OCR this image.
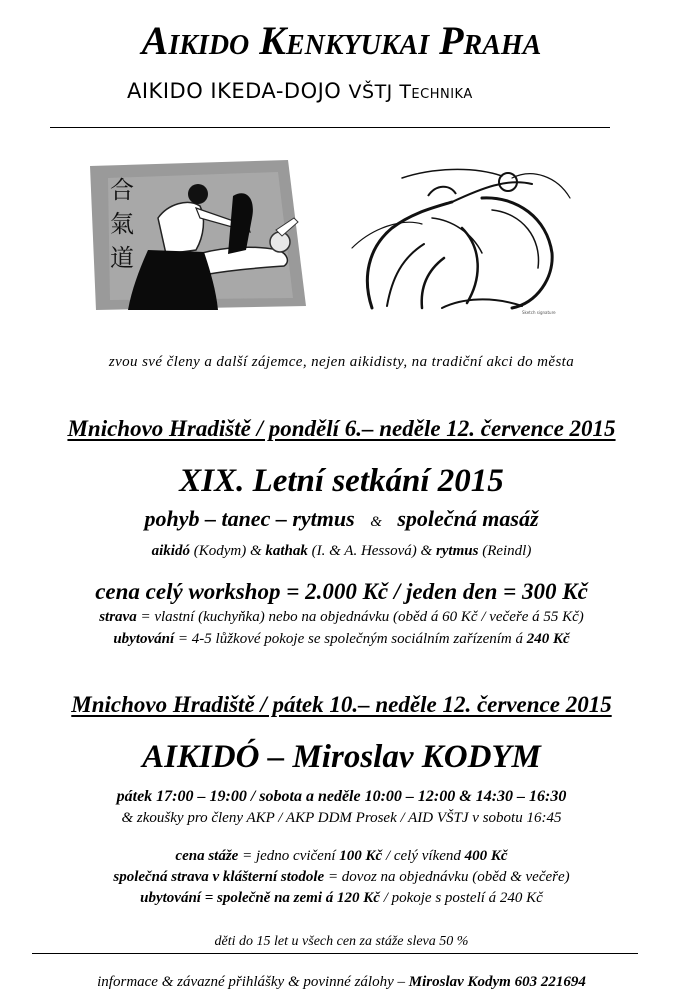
Aikido Kenkyukai Praha
AIKIDO IKEDA-DOJO VŠTJ Technika
合
氣
道
Sketch signature
zvou své členy a další zájemce, nejen aikidisty, na tradiční akci do města
Mnichovo Hradiště / pondělí 6.– neděle 12. července 2015
XIX. Letní setkání 2015
pohyb – tanec – rytmus & společná masáž
aikidó (Kodym) & kathak (I. & A. Hessová) & rytmus (Reindl)
cena celý workshop = 2.000 Kč / jeden den = 300 Kč
strava = vlastní (kuchyňka) nebo na objednávku (oběd á 60 Kč / večeře á 55 Kč)
ubytování = 4-5 lůžkové pokoje se společným sociálním zařízením á 240 Kč
Mnichovo Hradiště / pátek 10.– neděle 12. července 2015
AIKIDÓ – Miroslav KODYM
pátek 17:00 – 19:00 / sobota a neděle 10:00 – 12:00 & 14:30 – 16:30
& zkoušky pro členy AKP / AKP DDM Prosek / AID VŠTJ v sobotu 16:45
cena stáže = jedno cvičení 100 Kč / celý víkend 400 Kč
společná strava v klášterní stodole = dovoz na objednávku (oběd & večeře)
ubytování = společně na zemi á 120 Kč / pokoje s postelí á 240 Kč
děti do 15 let u všech cen za stáže sleva 50 %
informace & závazné přihlášky & povinné zálohy – Miroslav Kodym 603 221694
